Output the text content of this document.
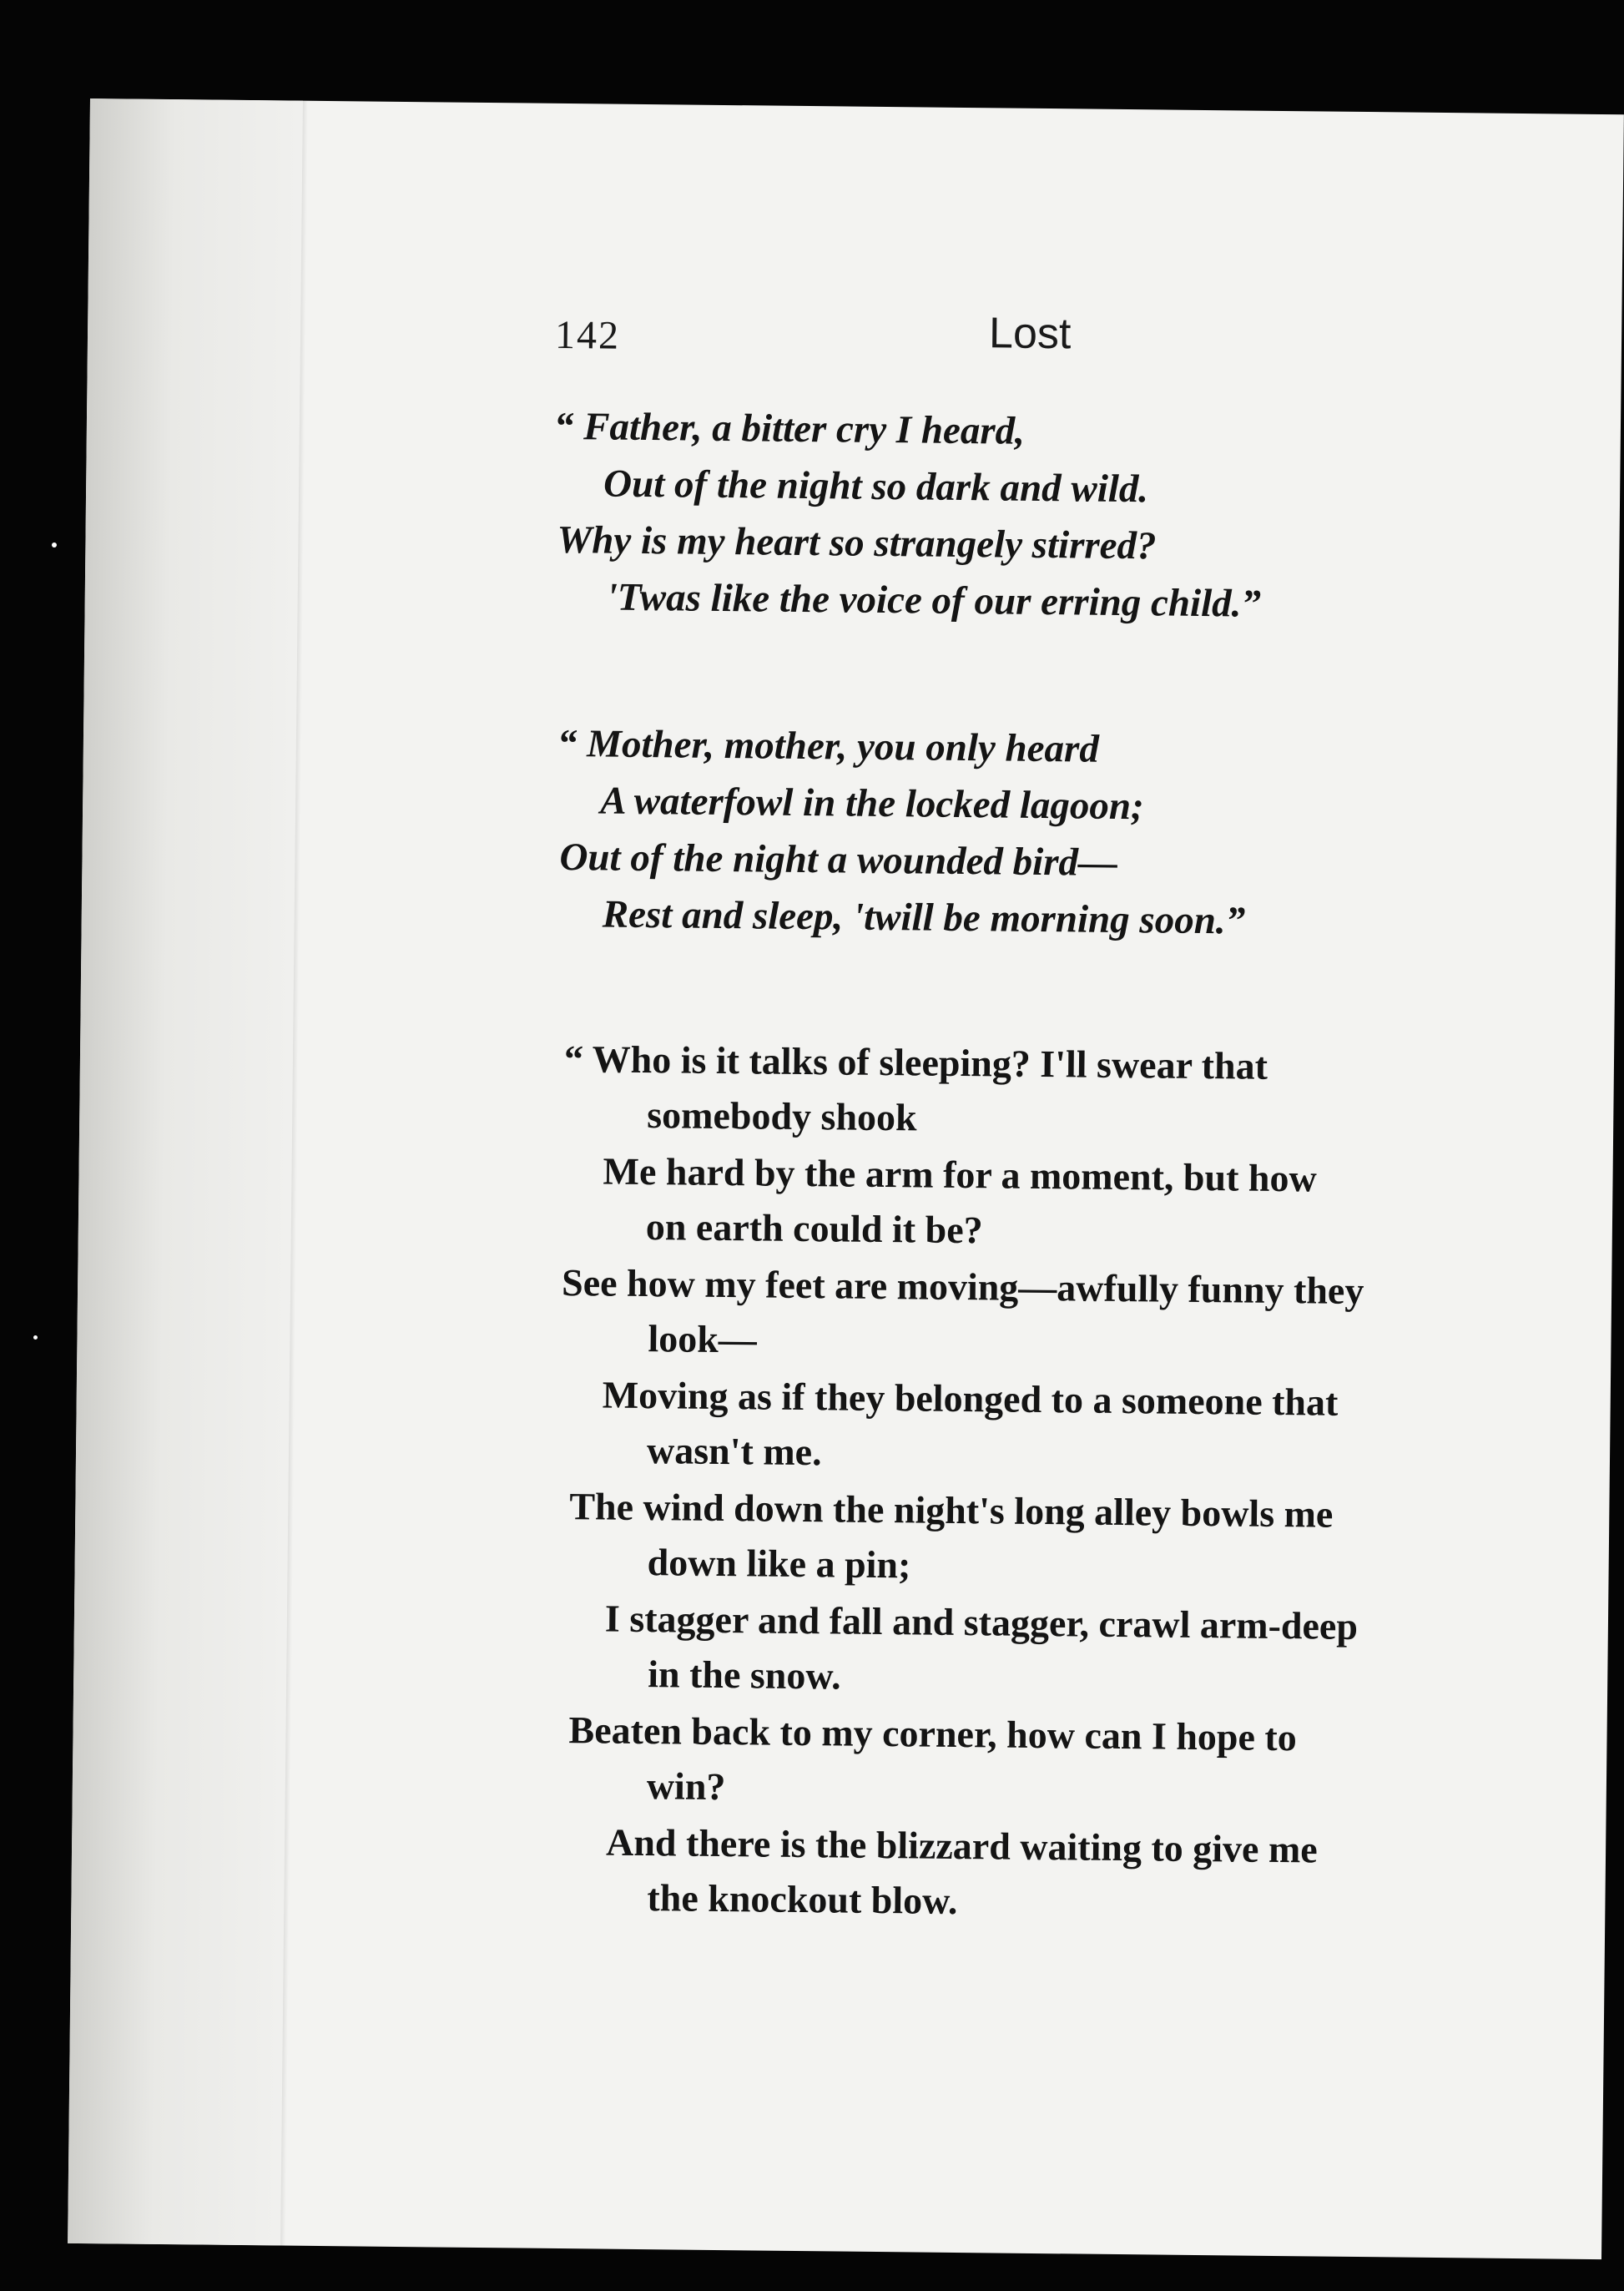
142	Lost
“ Father, a bitter cry I heard,
Out of the night so dark and wild.
Why is my heart so strangely stirred?
'Twas like the voice of our erring child.”
“ Mother, mother, you only heard
A waterfowl in the locked lagoon;
Out of the night a wounded bird—
Rest and sleep, 'twill be morning soon.”
“ Who is it talks of sleeping? I'll swear that
somebody shook
Me hard by the arm for a moment, but how
on earth could it be?
See how my feet are moving—awfully funny they
look—
Moving as if they belonged to a someone that
wasn't me.
The wind down the night's long alley bowls me
down like a pin;
I stagger and fall and stagger, crawl arm-deep
in the snow.
Beaten back to my corner, how can I hope to
win?
And there is the blizzard waiting to give me
the knockout blow.
